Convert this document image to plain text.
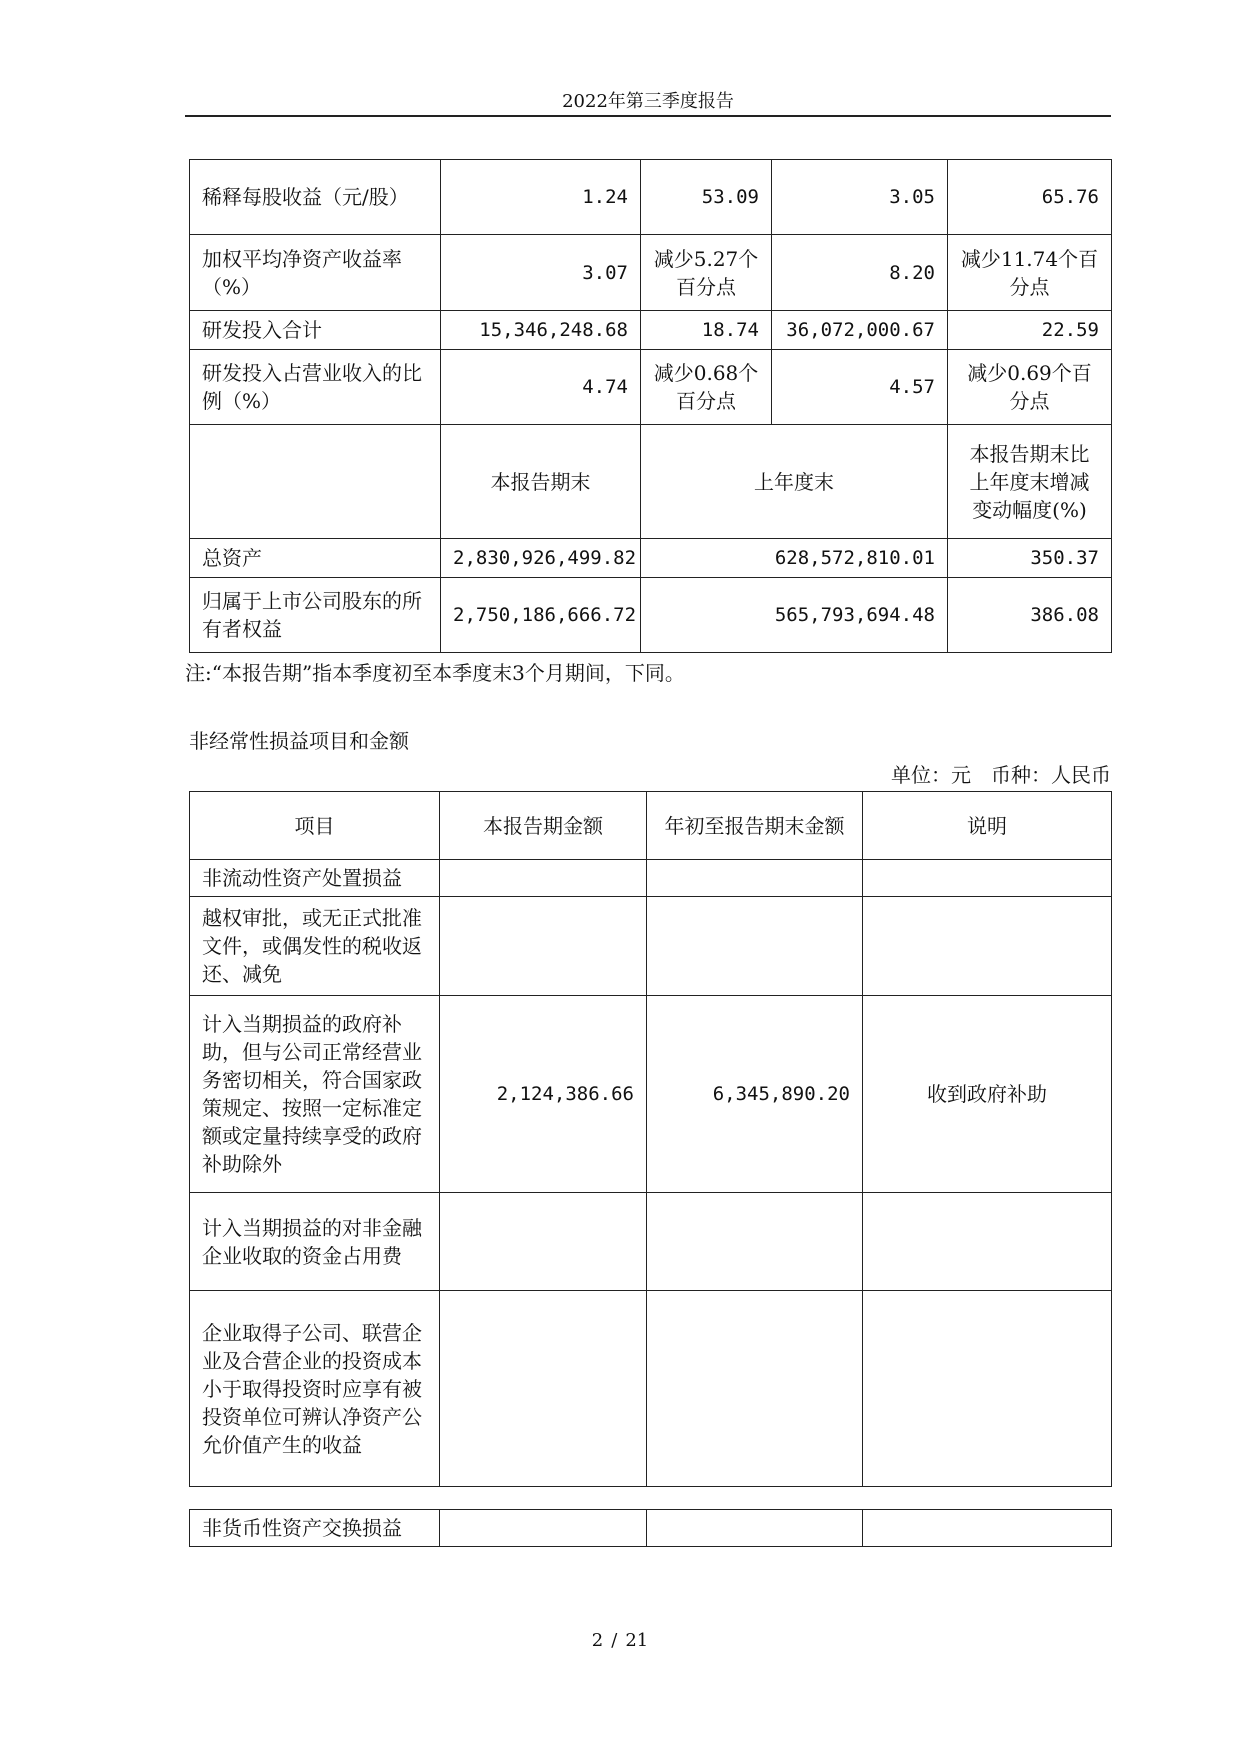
2022年第三季度报告
稀释每股收益（元/股）	1.24	53.09	3.05	65.76
加权平均净资产收益率（%）	3.07	减少5.27个百分点	8.20	减少11.74个百分点
研发投入合计	15,346,248.68	18.74	36,072,000.67	22.59
研发投入占营业收入的比例（%）	4.74	减少0.68个百分点	4.57	减少0.69个百分点
	本报告期末	上年度末		本报告期末比上年度末增减变动幅度(%)
总资产	2,830,926,499.82	628,572,810.01		350.37
归属于上市公司股东的所有者权益	2,750,186,666.72	565,793,694.48		386.08
注:“本报告期”指本季度初至本季度末3个月期间，下同。
非经常性损益项目和金额
单位：元　币种：人民币
项目	本报告期金额	年初至报告期末金额	说明
非流动性资产处置损益			
越权审批，或无正式批准文件，或偶发性的税收返还、减免			
计入当期损益的政府补助，但与公司正常经营业务密切相关，符合国家政策规定、按照一定标准定额或定量持续享受的政府补助除外	2,124,386.66	6,345,890.20	收到政府补助
计入当期损益的对非金融企业收取的资金占用费			
企业取得子公司、联营企业及合营企业的投资成本小于取得投资时应享有被投资单位可辨认净资产公允价值产生的收益			
非货币性资产交换损益			
2 / 21
